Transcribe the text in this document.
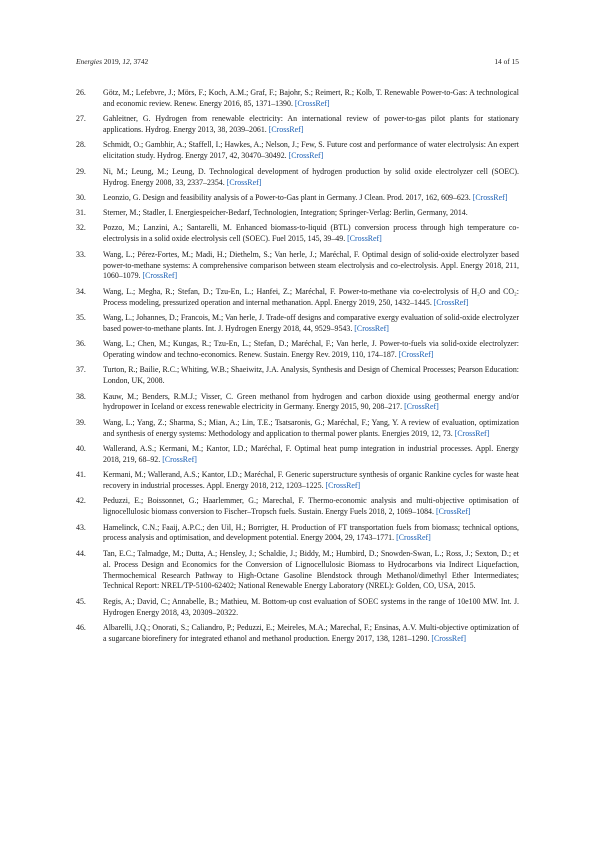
Energies 2019, 12, 3742	14 of 15
26. Götz, M.; Lefebvre, J.; Mörs, F.; Koch, A.M.; Graf, F.; Bajohr, S.; Reimert, R.; Kolb, T. Renewable Power-to-Gas: A technological and economic review. Renew. Energy 2016, 85, 1371–1390. [CrossRef]
27. Gahleitner, G. Hydrogen from renewable electricity: An international review of power-to-gas pilot plants for stationary applications. Hydrog. Energy 2013, 38, 2039–2061. [CrossRef]
28. Schmidt, O.; Gambhir, A.; Staffell, I.; Hawkes, A.; Nelson, J.; Few, S. Future cost and performance of water electrolysis: An expert elicitation study. Hydrog. Energy 2017, 42, 30470–30492. [CrossRef]
29. Ni, M.; Leung, M.; Leung, D. Technological development of hydrogen production by solid oxide electrolyzer cell (SOEC). Hydrog. Energy 2008, 33, 2337–2354. [CrossRef]
30. Leonzio, G. Design and feasibility analysis of a Power-to-Gas plant in Germany. J Clean. Prod. 2017, 162, 609–623. [CrossRef]
31. Sterner, M.; Stadler, I. Energiespeicher-Bedarf, Technologien, Integration; Springer-Verlag: Berlin, Germany, 2014.
32. Pozzo, M.; Lanzini, A.; Santarelli, M. Enhanced biomass-to-liquid (BTL) conversion process through high temperature co-electrolysis in a solid oxide electrolysis cell (SOEC). Fuel 2015, 145, 39–49. [CrossRef]
33. Wang, L.; Pérez-Fortes, M.; Madi, H.; Diethelm, S.; Van herle, J.; Maréchal, F. Optimal design of solid-oxide electrolyzer based power-to-methane systems: A comprehensive comparison between steam electrolysis and co-electrolysis. Appl. Energy 2018, 211, 1060–1079. [CrossRef]
34. Wang, L.; Megha, R.; Stefan, D.; Tzu-En, L.; Hanfei, Z.; Maréchal, F. Power-to-methane via co-electrolysis of H₂O and CO₂: Process modeling, pressurized operation and internal methanation. Appl. Energy 2019, 250, 1432–1445. [CrossRef]
35. Wang, L.; Johannes, D.; Francois, M.; Van herle, J. Trade-off designs and comparative exergy evaluation of solid-oxide electrolyzer based power-to-methane plants. Int. J. Hydrogen Energy 2018, 44, 9529–9543. [CrossRef]
36. Wang, L.; Chen, M.; Kungas, R.; Tzu-En, L.; Stefan, D.; Maréchal, F.; Van herle, J. Power-to-fuels via solid-oxide electrolyzer: Operating window and techno-economics. Renew. Sustain. Energy Rev. 2019, 110, 174–187. [CrossRef]
37. Turton, R.; Bailie, R.C.; Whiting, W.B.; Shaeiwitz, J.A. Analysis, Synthesis and Design of Chemical Processes; Pearson Education: London, UK, 2008.
38. Kauw, M.; Benders, R.M.J.; Visser, C. Green methanol from hydrogen and carbon dioxide using geothermal energy and/or hydropower in Iceland or excess renewable electricity in Germany. Energy 2015, 90, 208–217. [CrossRef]
39. Wang, L.; Yang, Z.; Sharma, S.; Mian, A.; Lin, T.E.; Tsatsaronis, G.; Maréchal, F.; Yang, Y. A review of evaluation, optimization and synthesis of energy systems: Methodology and application to thermal power plants. Energies 2019, 12, 73. [CrossRef]
40. Wallerand, A.S.; Kermani, M.; Kantor, I.D.; Maréchal, F. Optimal heat pump integration in industrial processes. Appl. Energy 2018, 219, 68–92. [CrossRef]
41. Kermani, M.; Wallerand, A.S.; Kantor, I.D.; Maréchal, F. Generic superstructure synthesis of organic Rankine cycles for waste heat recovery in industrial processes. Appl. Energy 2018, 212, 1203–1225. [CrossRef]
42. Peduzzi, E.; Boissonnet, G.; Haarlemmer, G.; Marechal, F. Thermo-economic analysis and multi-objective optimisation of lignocellulosic biomass conversion to Fischer–Tropsch fuels. Sustain. Energy Fuels 2018, 2, 1069–1084. [CrossRef]
43. Hamelinck, C.N.; Faaij, A.P.C.; den Uil, H.; Borrigter, H. Production of FT transportation fuels from biomass; technical options, process analysis and optimisation, and development potential. Energy 2004, 29, 1743–1771. [CrossRef]
44. Tan, E.C.; Talmadge, M.; Dutta, A.; Hensley, J.; Schaldie, J.; Biddy, M.; Humbird, D.; Snowden-Swan, L.; Ross, J.; Sexton, D.; et al. Process Design and Economics for the Conversion of Lignocellulosic Biomass to Hydrocarbons via Indirect Liquefaction, Thermochemical Research Pathway to High-Octane Gasoline Blendstock through Methanol/dimethyl Ether Intermediates; Technical Report: NREL/TP-5100-62402; National Renewable Energy Laboratory (NREL): Golden, CO, USA, 2015.
45. Regis, A.; David, C.; Annabelle, B.; Mathieu, M. Bottom-up cost evaluation of SOEC systems in the range of 10e100 MW. Int. J. Hydrogen Energy 2018, 43, 20309–20322.
46. Albarelli, J.Q.; Onorati, S.; Caliandro, P.; Peduzzi, E.; Meireles, M.A.; Marechal, F.; Ensinas, A.V. Multi-objective optimization of a sugarcane biorefinery for integrated ethanol and methanol production. Energy 2017, 138, 1281–1290. [CrossRef]
